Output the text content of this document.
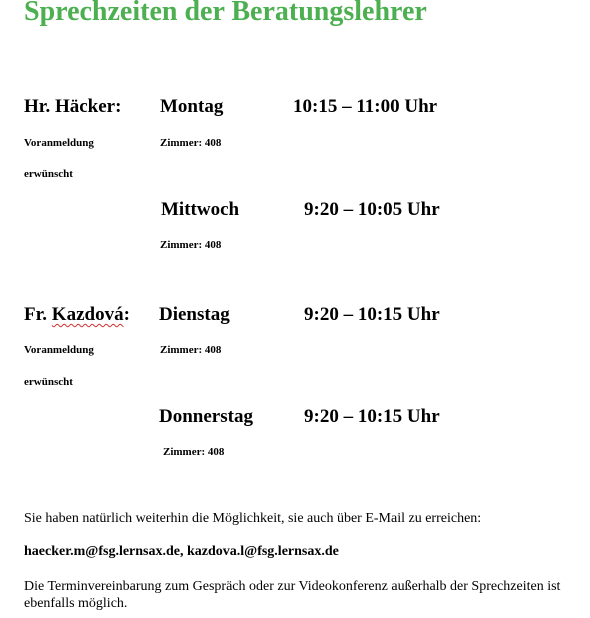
Sprechzeiten der Beratungslehrer
Hr. Häcker: Montag	10:15 – 11:00 Uhr
Voranmeldung	Zimmer: 408
erwünscht
Mittwoch	9:20 – 10:05 Uhr
Zimmer: 408
Fr. Kazdová: Dienstag	9:20 – 10:15 Uhr
Voranmeldung	Zimmer: 408
erwünscht
Donnerstag	9:20 – 10:15 Uhr
Zimmer: 408
Sie haben natürlich weiterhin die Möglichkeit, sie auch über E-Mail zu erreichen:
haecker.m@fsg.lernsax.de, kazdova.l@fsg.lernsax.de
Die Terminvereinbarung zum Gespräch oder zur Videokonferenz außerhalb der Sprechzeiten ist ebenfalls möglich.
